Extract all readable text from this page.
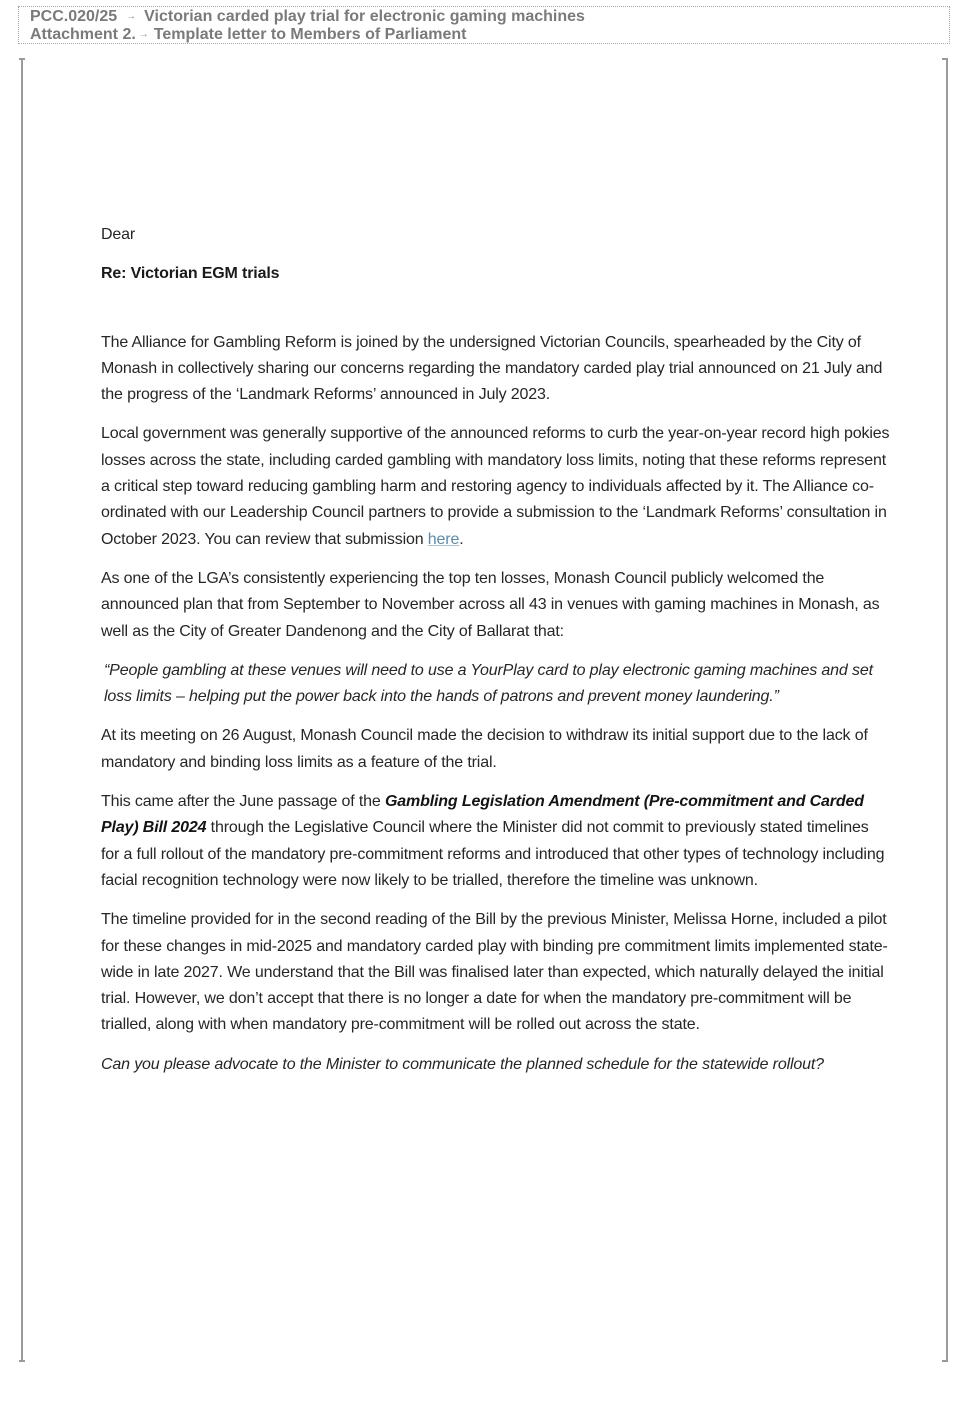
PCC.020/25 → Victorian carded play trial for electronic gaming machines
Attachment 2. → Template letter to Members of Parliament

Dear

Re: Victorian EGM trials

The Alliance for Gambling Reform is joined by the undersigned Victorian Councils, spearheaded by the City of Monash in collectively sharing our concerns regarding the mandatory carded play trial announced on 21 July and the progress of the ‘Landmark Reforms’ announced in July 2023.

Local government was generally supportive of the announced reforms to curb the year-on-year record high pokies losses across the state, including carded gambling with mandatory loss limits, noting that these reforms represent a critical step toward reducing gambling harm and restoring agency to individuals affected by it. The Alliance co-ordinated with our Leadership Council partners to provide a submission to the ‘Landmark Reforms’ consultation in October 2023. You can review that submission here.

As one of the LGA’s consistently experiencing the top ten losses, Monash Council publicly welcomed the announced plan that from September to November across all 43 in venues with gaming machines in Monash, as well as the City of Greater Dandenong and the City of Ballarat that:

“People gambling at these venues will need to use a YourPlay card to play electronic gaming machines and set loss limits – helping put the power back into the hands of patrons and prevent money laundering.”

At its meeting on 26 August, Monash Council made the decision to withdraw its initial support due to the lack of mandatory and binding loss limits as a feature of the trial.

This came after the June passage of the Gambling Legislation Amendment (Pre-commitment and Carded Play) Bill 2024 through the Legislative Council where the Minister did not commit to previously stated timelines for a full rollout of the mandatory pre-commitment reforms and introduced that other types of technology including facial recognition technology were now likely to be trialled, therefore the timeline was unknown.

The timeline provided for in the second reading of the Bill by the previous Minister, Melissa Horne, included a pilot for these changes in mid-2025 and mandatory carded play with binding pre commitment limits implemented state-wide in late 2027. We understand that the Bill was finalised later than expected, which naturally delayed the initial trial. However, we don’t accept that there is no longer a date for when the mandatory pre-commitment will be trialled, along with when mandatory pre-commitment will be rolled out across the state.

Can you please advocate to the Minister to communicate the planned schedule for the statewide rollout?
